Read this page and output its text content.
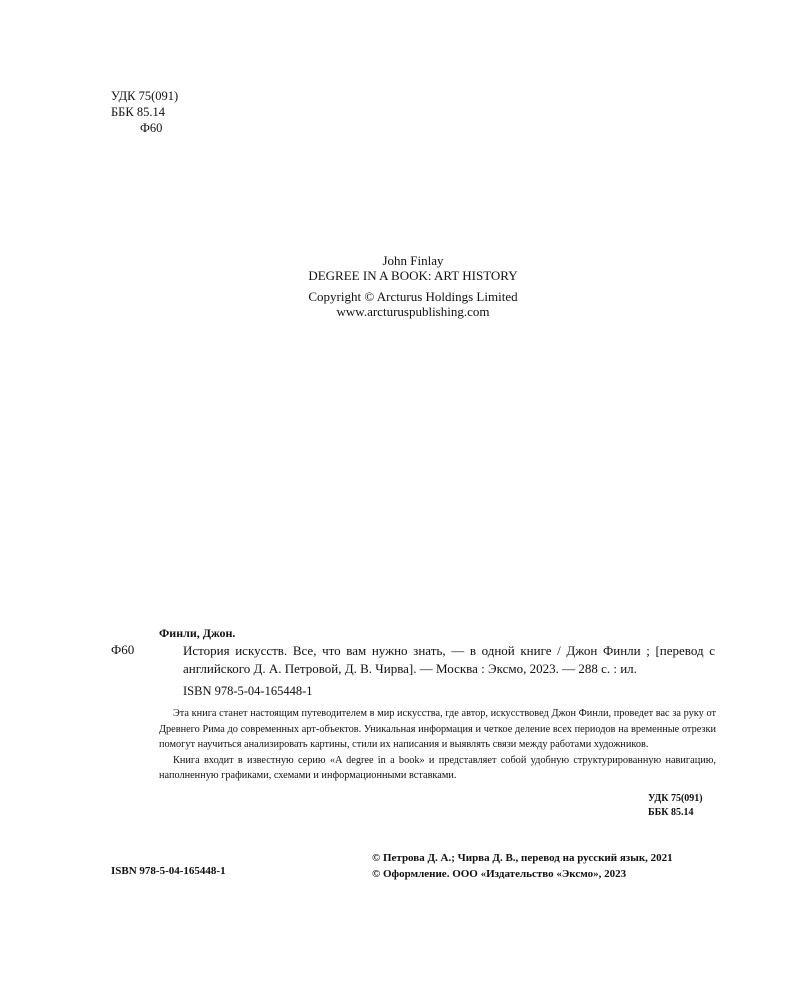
УДК 75(091)
ББК 85.14
Ф60
John Finlay
DEGREE IN A BOOK: ART HISTORY
Copyright © Arcturus Holdings Limited
www.arcturuspublishing.com
Финли, Джон.
Ф60	История искусств. Все, что вам нужно знать, — в одной книге / Джон Финли ; [перевод с английского Д. А. Петровой, Д. В. Чирва]. — Москва : Эксмо, 2023. — 288 с. : ил.
ISBN 978-5-04-165448-1

Эта книга станет настоящим путеводителем в мир искусства, где автор, искусствовед Джон Финли, проведет вас за руку от Древнего Рима до современных арт-объектов. Уникальная информация и четкое деление всех периодов на временные отрезки помогут научиться анализировать картины, стили их написания и выявлять связи между работами художников.

Книга входит в известную серию «A degree in a book» и представляет собой удобную структурированную навигацию, наполненную графиками, схемами и информационными вставками.

УДК 75(091)
ББК 85.14
ISBN 978-5-04-165448-1
© Петрова Д. А.; Чирва Д. В., перевод на русский язык, 2021
© Оформление. ООО «Издательство «Эксмо», 2023
